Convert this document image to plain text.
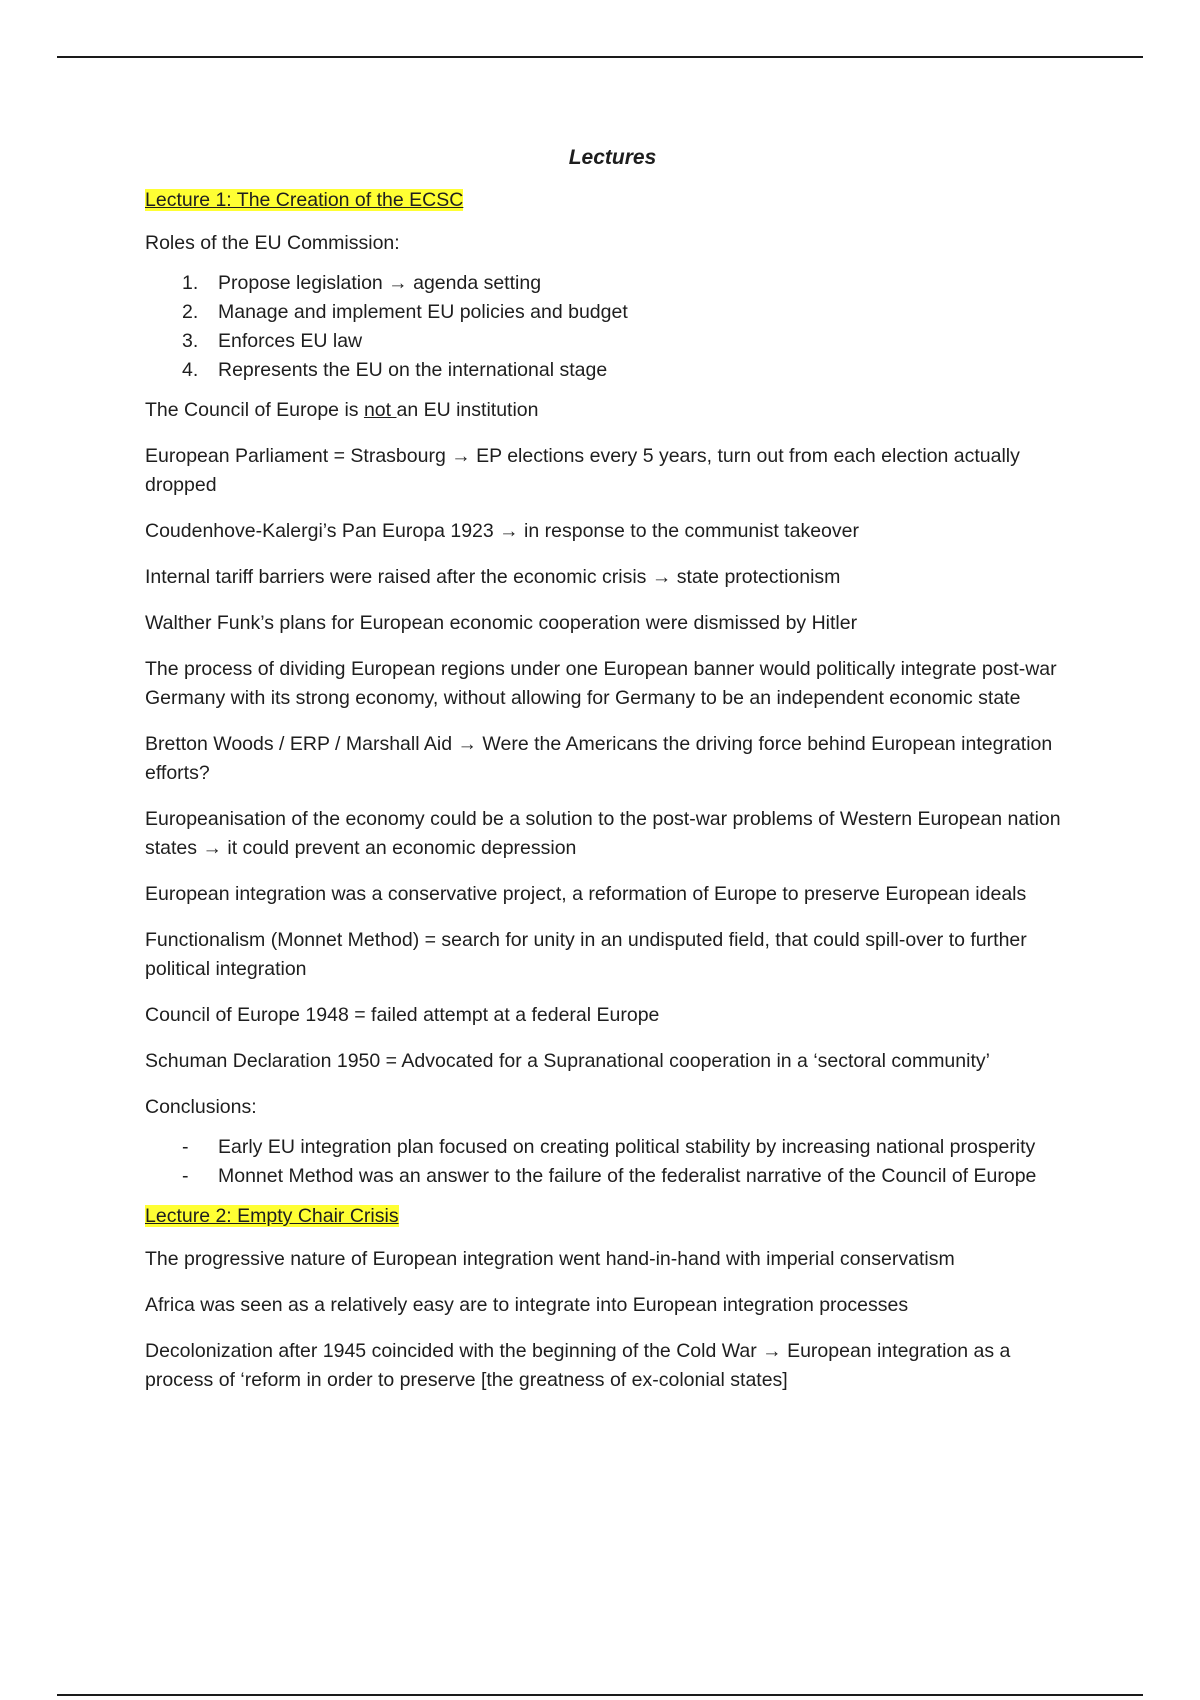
Lectures
Lecture 1: The Creation of the ECSC

Roles of the EU Commission:

1. Propose legislation → agenda setting
2. Manage and implement EU policies and budget
3. Enforces EU law
4. Represents the EU on the international stage

The Council of Europe is not an EU institution

European Parliament = Strasbourg → EP elections every 5 years, turn out from each election actually dropped

Coudenhove-Kalergi’s Pan Europa 1923 → in response to the communist takeover

Internal tariff barriers were raised after the economic crisis → state protectionism

Walther Funk’s plans for European economic cooperation were dismissed by Hitler

The process of dividing European regions under one European banner would politically integrate post-war Germany with its strong economy, without allowing for Germany to be an independent economic state

Bretton Woods / ERP / Marshall Aid → Were the Americans the driving force behind European integration efforts?

Europeanisation of the economy could be a solution to the post-war problems of Western European nation states → it could prevent an economic depression

European integration was a conservative project, a reformation of Europe to preserve European ideals

Functionalism (Monnet Method) = search for unity in an undisputed field, that could spill-over to further political integration

Council of Europe 1948 = failed attempt at a federal Europe

Schuman Declaration 1950 = Advocated for a Supranational cooperation in a ‘sectoral community’

Conclusions:

- Early EU integration plan focused on creating political stability by increasing national prosperity
- Monnet Method was an answer to the failure of the federalist narrative of the Council of Europe
Lecture 2: Empty Chair Crisis

The progressive nature of European integration went hand-in-hand with imperial conservatism

Africa was seen as a relatively easy are to integrate into European integration processes

Decolonization after 1945 coincided with the beginning of the Cold War → European integration as a process of ‘reform in order to preserve [the greatness of ex-colonial states]
